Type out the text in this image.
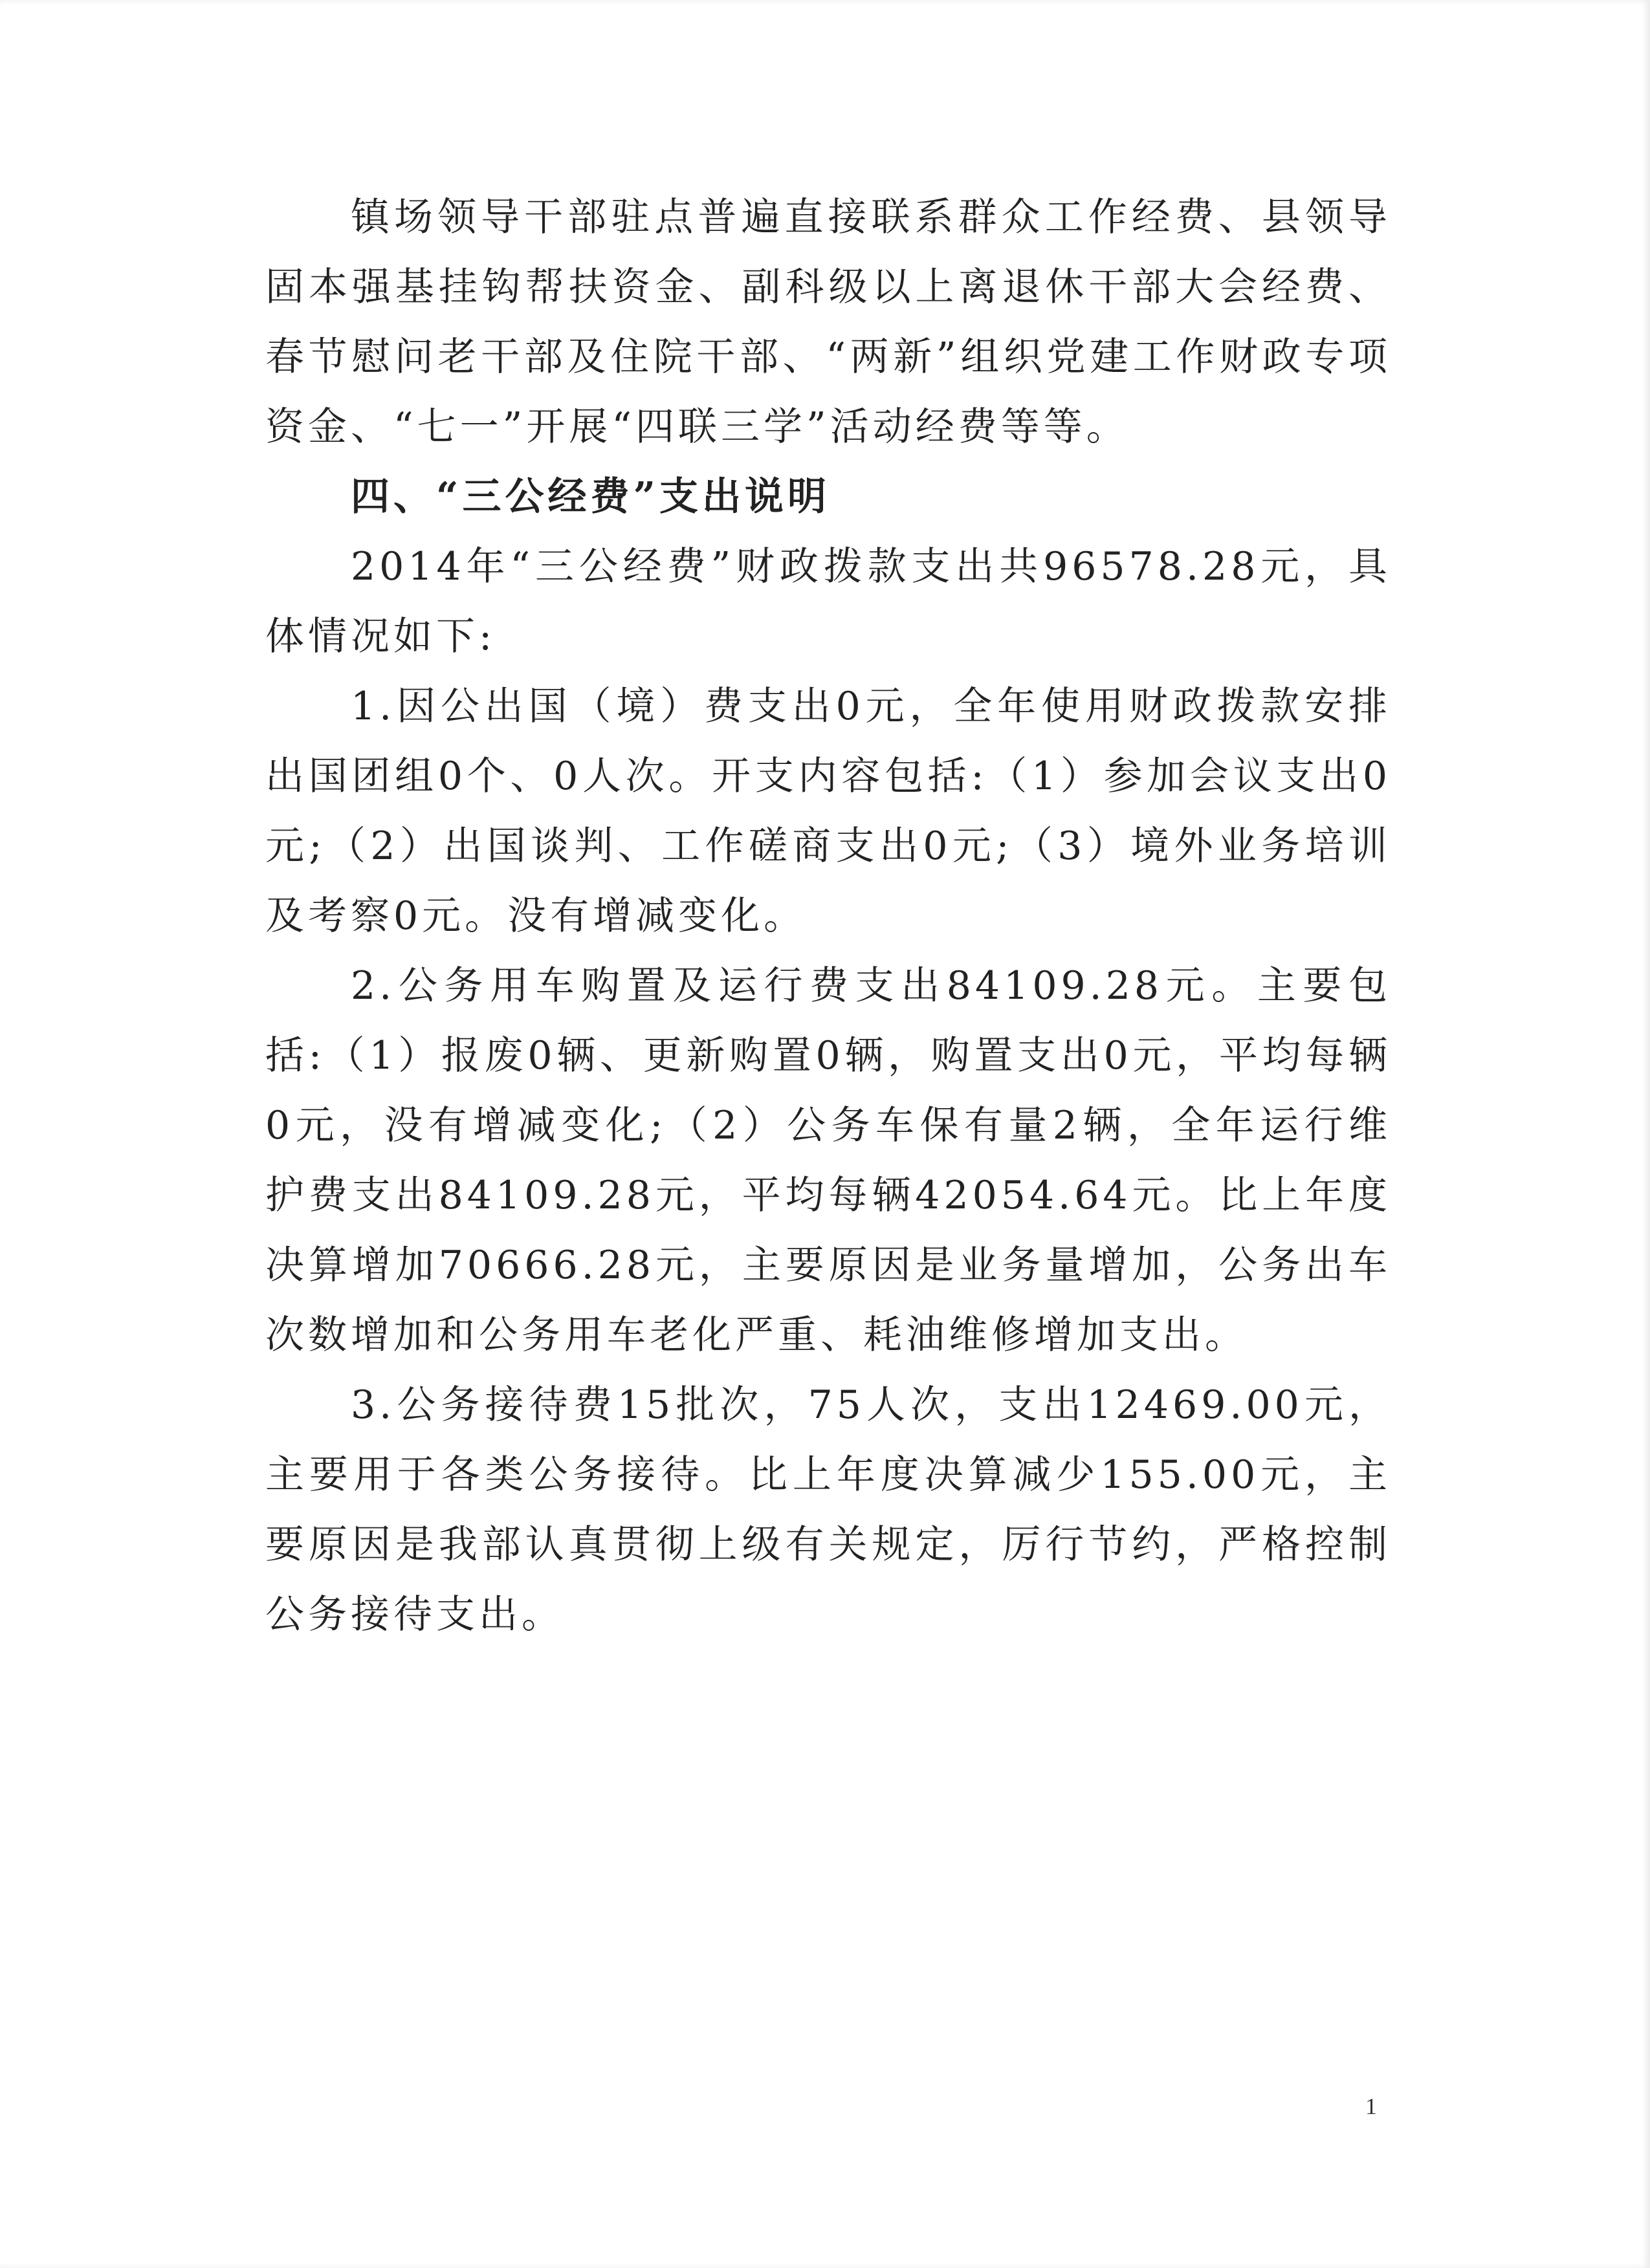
镇场领导干部驻点普遍直接联系群众工作经费、县领导固本强基挂钩帮扶资金、副科级以上离退休干部大会经费、春节慰问老干部及住院干部、“两新”组织党建工作财政专项资金、“七一”开展“四联三学”活动经费等等。

四、“三公经费”支出说明

2014年“三公经费”财政拨款支出共96578.28元，具体情况如下:

1.因公出国（境）费支出0元，全年使用财政拨款安排出国团组0个、0人次。开支内容包括:（1）参加会议支出0元;（2）出国谈判、工作磋商支出0元;（3）境外业务培训及考察0元。没有增减变化。

2.公务用车购置及运行费支出84109.28元。主要包括:（1）报废0辆、更新购置0辆，购置支出0元，平均每辆0元，没有增减变化;（2）公务车保有量2辆，全年运行维护费支出84109.28元，平均每辆42054.64元。比上年度决算增加70666.28元，主要原因是业务量增加，公务出车次数增加和公务用车老化严重、耗油维修增加支出。

3.公务接待费15批次，75人次，支出12469.00元，主要用于各类公务接待。比上年度决算减少155.00元，主要原因是我部认真贯彻上级有关规定，厉行节约，严格控制公务接待支出。

1
